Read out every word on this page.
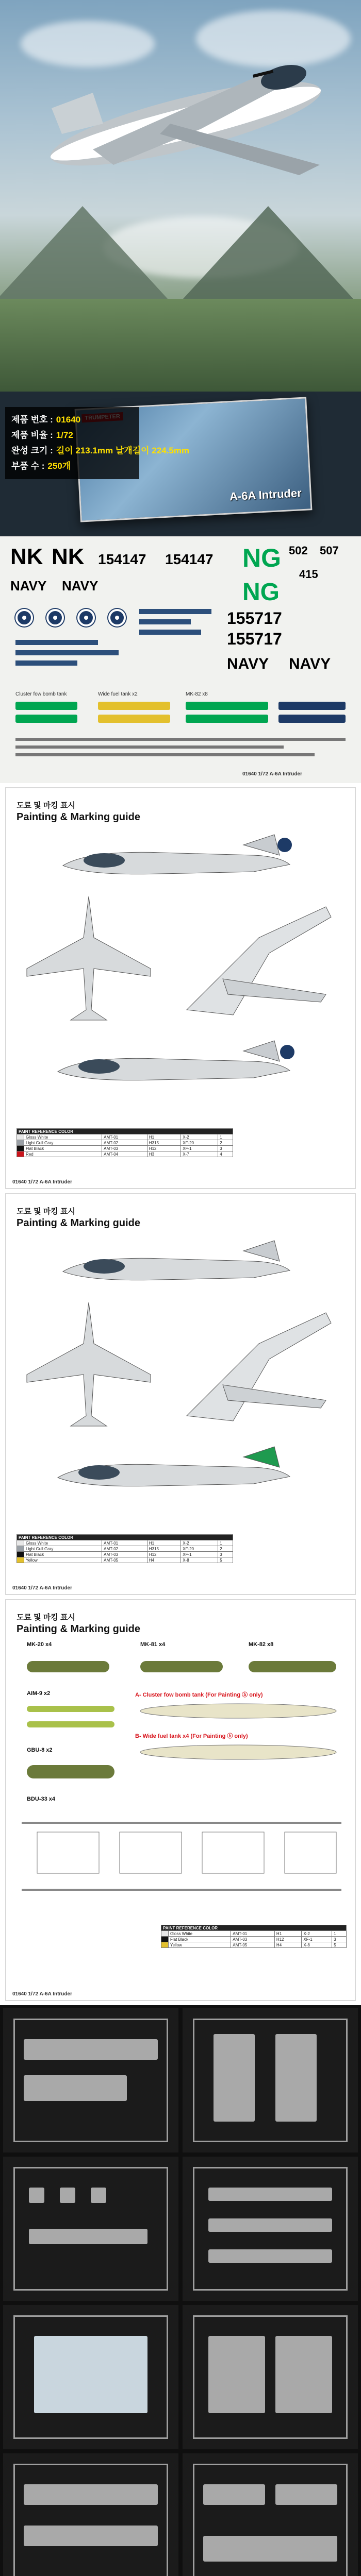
A-6A Intruder
제품 번호 : 01640
제품 비율 : 1/72
완성 크기 : 길이 213.1mm 날개길이 224.5mm
부품 수 : 250개
NK NK 154147 154147 NG 502 507
NAVY NAVY	NG
415
155717
155717
NAVY NAVY
Cluster fow bomb tank	Wide fuel tank x2	MK-82 x8
01640 1/72 A-6A Intruder
도료 및 마킹 표시
Painting & Marking guide
PAINT REFERENCE COLOR					
	Gloss White	AMT-01	H1	X-2	1
	Light Gull Gray	AMT-02	H315	XF-20	2
	Flat Black	AMT-03	H12	XF-1	3
	Red	AMT-04	H3	X-7	4
01640 1/72 A-6A Intruder
도료 및 마킹 표시
Painting & Marking guide
PAINT REFERENCE COLOR					
	Gloss White	AMT-01	H1	X-2	1
	Light Gull Gray	AMT-02	H315	XF-20	2
	Flat Black	AMT-03	H12	XF-1	3
	Yellow	AMT-05	H4	X-8	5
01640 1/72 A-6A Intruder
도료 및 마킹 표시
Painting & Marking guide
MK-20 x4	MK-81 x4	MK-82 x8
A- Cluster fow bomb tank (For Painting ⓑ only)
AIM-9 x2
B- Wide fuel tank x4 (For Painting ⓑ only)
GBU-8 x2
BDU-33 x4
PAINT REFERENCE COLOR					
	Gloss White	AMT-01	H1	X-2	1
	Flat Black	AMT-03	H12	XF-1	3
	Yellow	AMT-05	H4	X-8	5
01640 1/72 A-6A Intruder
